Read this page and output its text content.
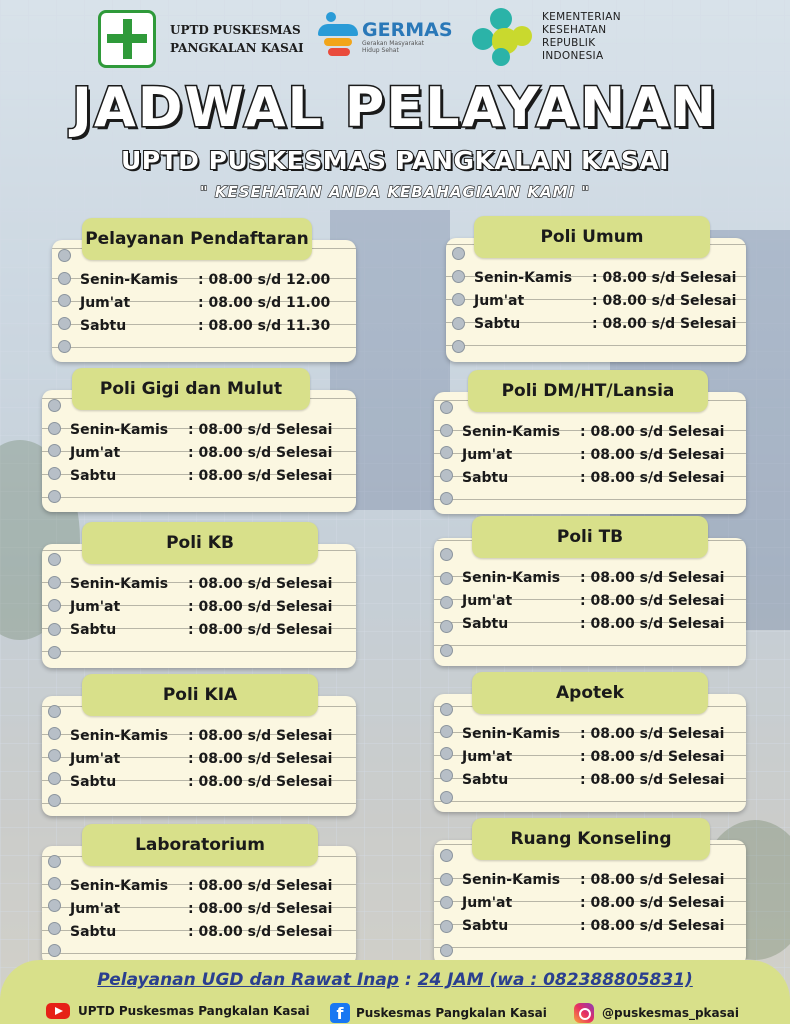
UPTD PUSKESMAS
PANGKALAN KASAI
GERMAS
Gerakan Masyarakat Hidup Sehat
KEMENTERIAN
KESEHATAN
REPUBLIK
INDONESIA
JADWAL PELAYANAN
UPTD PUSKESMAS PANGKALAN KASAI
" KESEHATAN ANDA KEBAHAGIAAN KAMI "
Senin-Kamis	: 08.00 s/d 12.00
Jum'at	: 08.00 s/d 11.00
Sabtu	: 08.00 s/d 11.30
Pelayanan Pendaftaran
Senin-Kamis	: 08.00 s/d Selesai
Jum'at	: 08.00 s/d Selesai
Sabtu	: 08.00 s/d Selesai
Poli Umum
Senin-Kamis	: 08.00 s/d Selesai
Jum'at	: 08.00 s/d Selesai
Sabtu	: 08.00 s/d Selesai
Poli Gigi dan Mulut
Senin-Kamis	: 08.00 s/d Selesai
Jum'at	: 08.00 s/d Selesai
Sabtu	: 08.00 s/d Selesai
Poli DM/HT/Lansia
Senin-Kamis	: 08.00 s/d Selesai
Jum'at	: 08.00 s/d Selesai
Sabtu	: 08.00 s/d Selesai
Poli KB
Senin-Kamis	: 08.00 s/d Selesai
Jum'at	: 08.00 s/d Selesai
Sabtu	: 08.00 s/d Selesai
Poli TB
Senin-Kamis	: 08.00 s/d Selesai
Jum'at	: 08.00 s/d Selesai
Sabtu	: 08.00 s/d Selesai
Poli KIA
Senin-Kamis	: 08.00 s/d Selesai
Jum'at	: 08.00 s/d Selesai
Sabtu	: 08.00 s/d Selesai
Apotek
Senin-Kamis	: 08.00 s/d Selesai
Jum'at	: 08.00 s/d Selesai
Sabtu	: 08.00 s/d Selesai
Laboratorium
Senin-Kamis	: 08.00 s/d Selesai
Jum'at	: 08.00 s/d Selesai
Sabtu	: 08.00 s/d Selesai
Ruang Konseling
Pelayanan UGD dan Rawat Inap : 24 JAM (wa : 082388805831)
UPTD Puskesmas Pangkalan Kasai	f	Puskesmas Pangkalan Kasai	@puskesmas_pkasai
